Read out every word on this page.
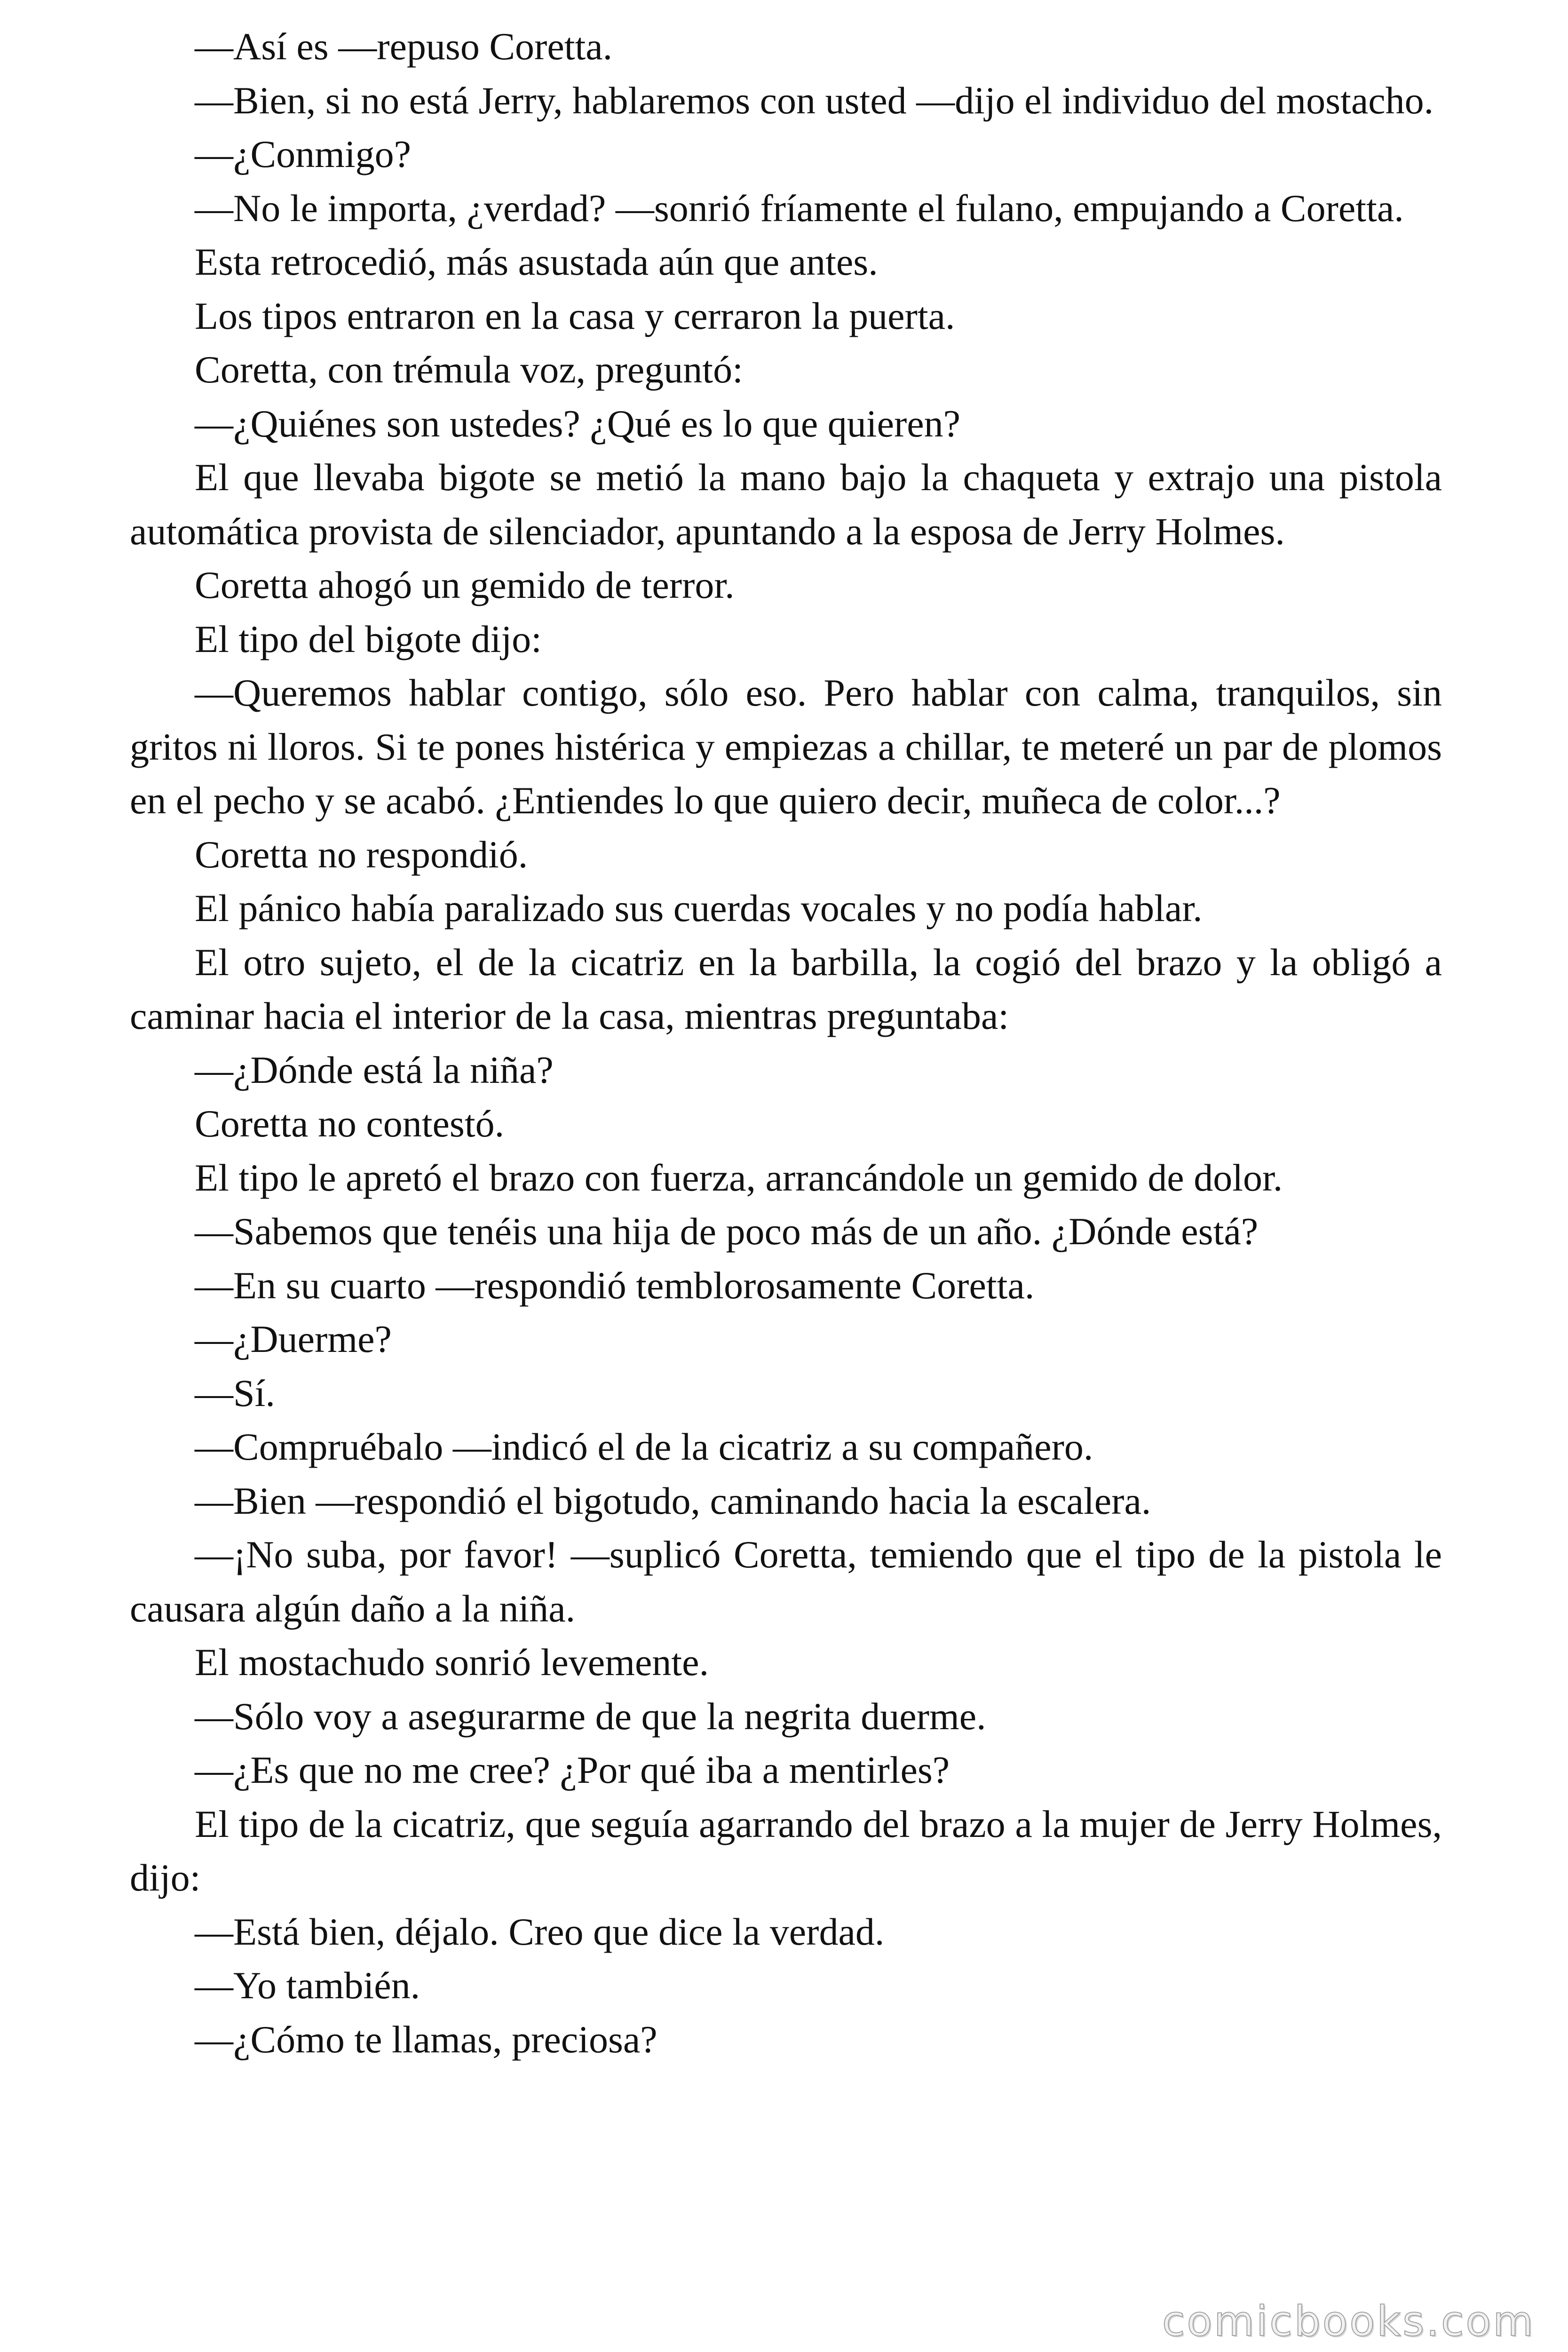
—Así es —repuso Coretta.

—Bien, si no está Jerry, hablaremos con usted —dijo el individuo del mostacho.

—¿Conmigo?

—No le importa, ¿verdad? —sonrió fríamente el fulano, empujando a Coretta.

Esta retrocedió, más asustada aún que antes.

Los tipos entraron en la casa y cerraron la puerta.

Coretta, con trémula voz, preguntó:

—¿Quiénes son ustedes? ¿Qué es lo que quieren?

El que llevaba bigote se metió la mano bajo la chaqueta y extrajo una pistola automática provista de silenciador, apuntando a la esposa de Jerry Holmes.

Coretta ahogó un gemido de terror.

El tipo del bigote dijo:

—Queremos hablar contigo, sólo eso. Pero hablar con calma, tranquilos, sin gritos ni lloros. Si te pones histérica y empiezas a chillar, te meteré un par de plomos en el pecho y se acabó. ¿Entiendes lo que quiero decir, muñeca de color...?

Coretta no respondió.

El pánico había paralizado sus cuerdas vocales y no podía hablar.

El otro sujeto, el de la cicatriz en la barbilla, la cogió del brazo y la obligó a caminar hacia el interior de la casa, mientras preguntaba:

—¿Dónde está la niña?

Coretta no contestó.

El tipo le apretó el brazo con fuerza, arrancándole un gemido de dolor.

—Sabemos que tenéis una hija de poco más de un año. ¿Dónde está?

—En su cuarto —respondió temblorosamente Coretta.

—¿Duerme?

—Sí.

—Compruébalo —indicó el de la cicatriz a su compañero.

—Bien —respondió el bigotudo, caminando hacia la escalera.

—¡No suba, por favor! —suplicó Coretta, temiendo que el tipo de la pistola le causara algún daño a la niña.

El mostachudo sonrió levemente.

—Sólo voy a asegurarme de que la negrita duerme.

—¿Es que no me cree? ¿Por qué iba a mentirles?

El tipo de la cicatriz, que seguía agarrando del brazo a la mujer de Jerry Holmes, dijo:

—Está bien, déjalo. Creo que dice la verdad.

—Yo también.

—¿Cómo te llamas, preciosa?

comicbooks.com
